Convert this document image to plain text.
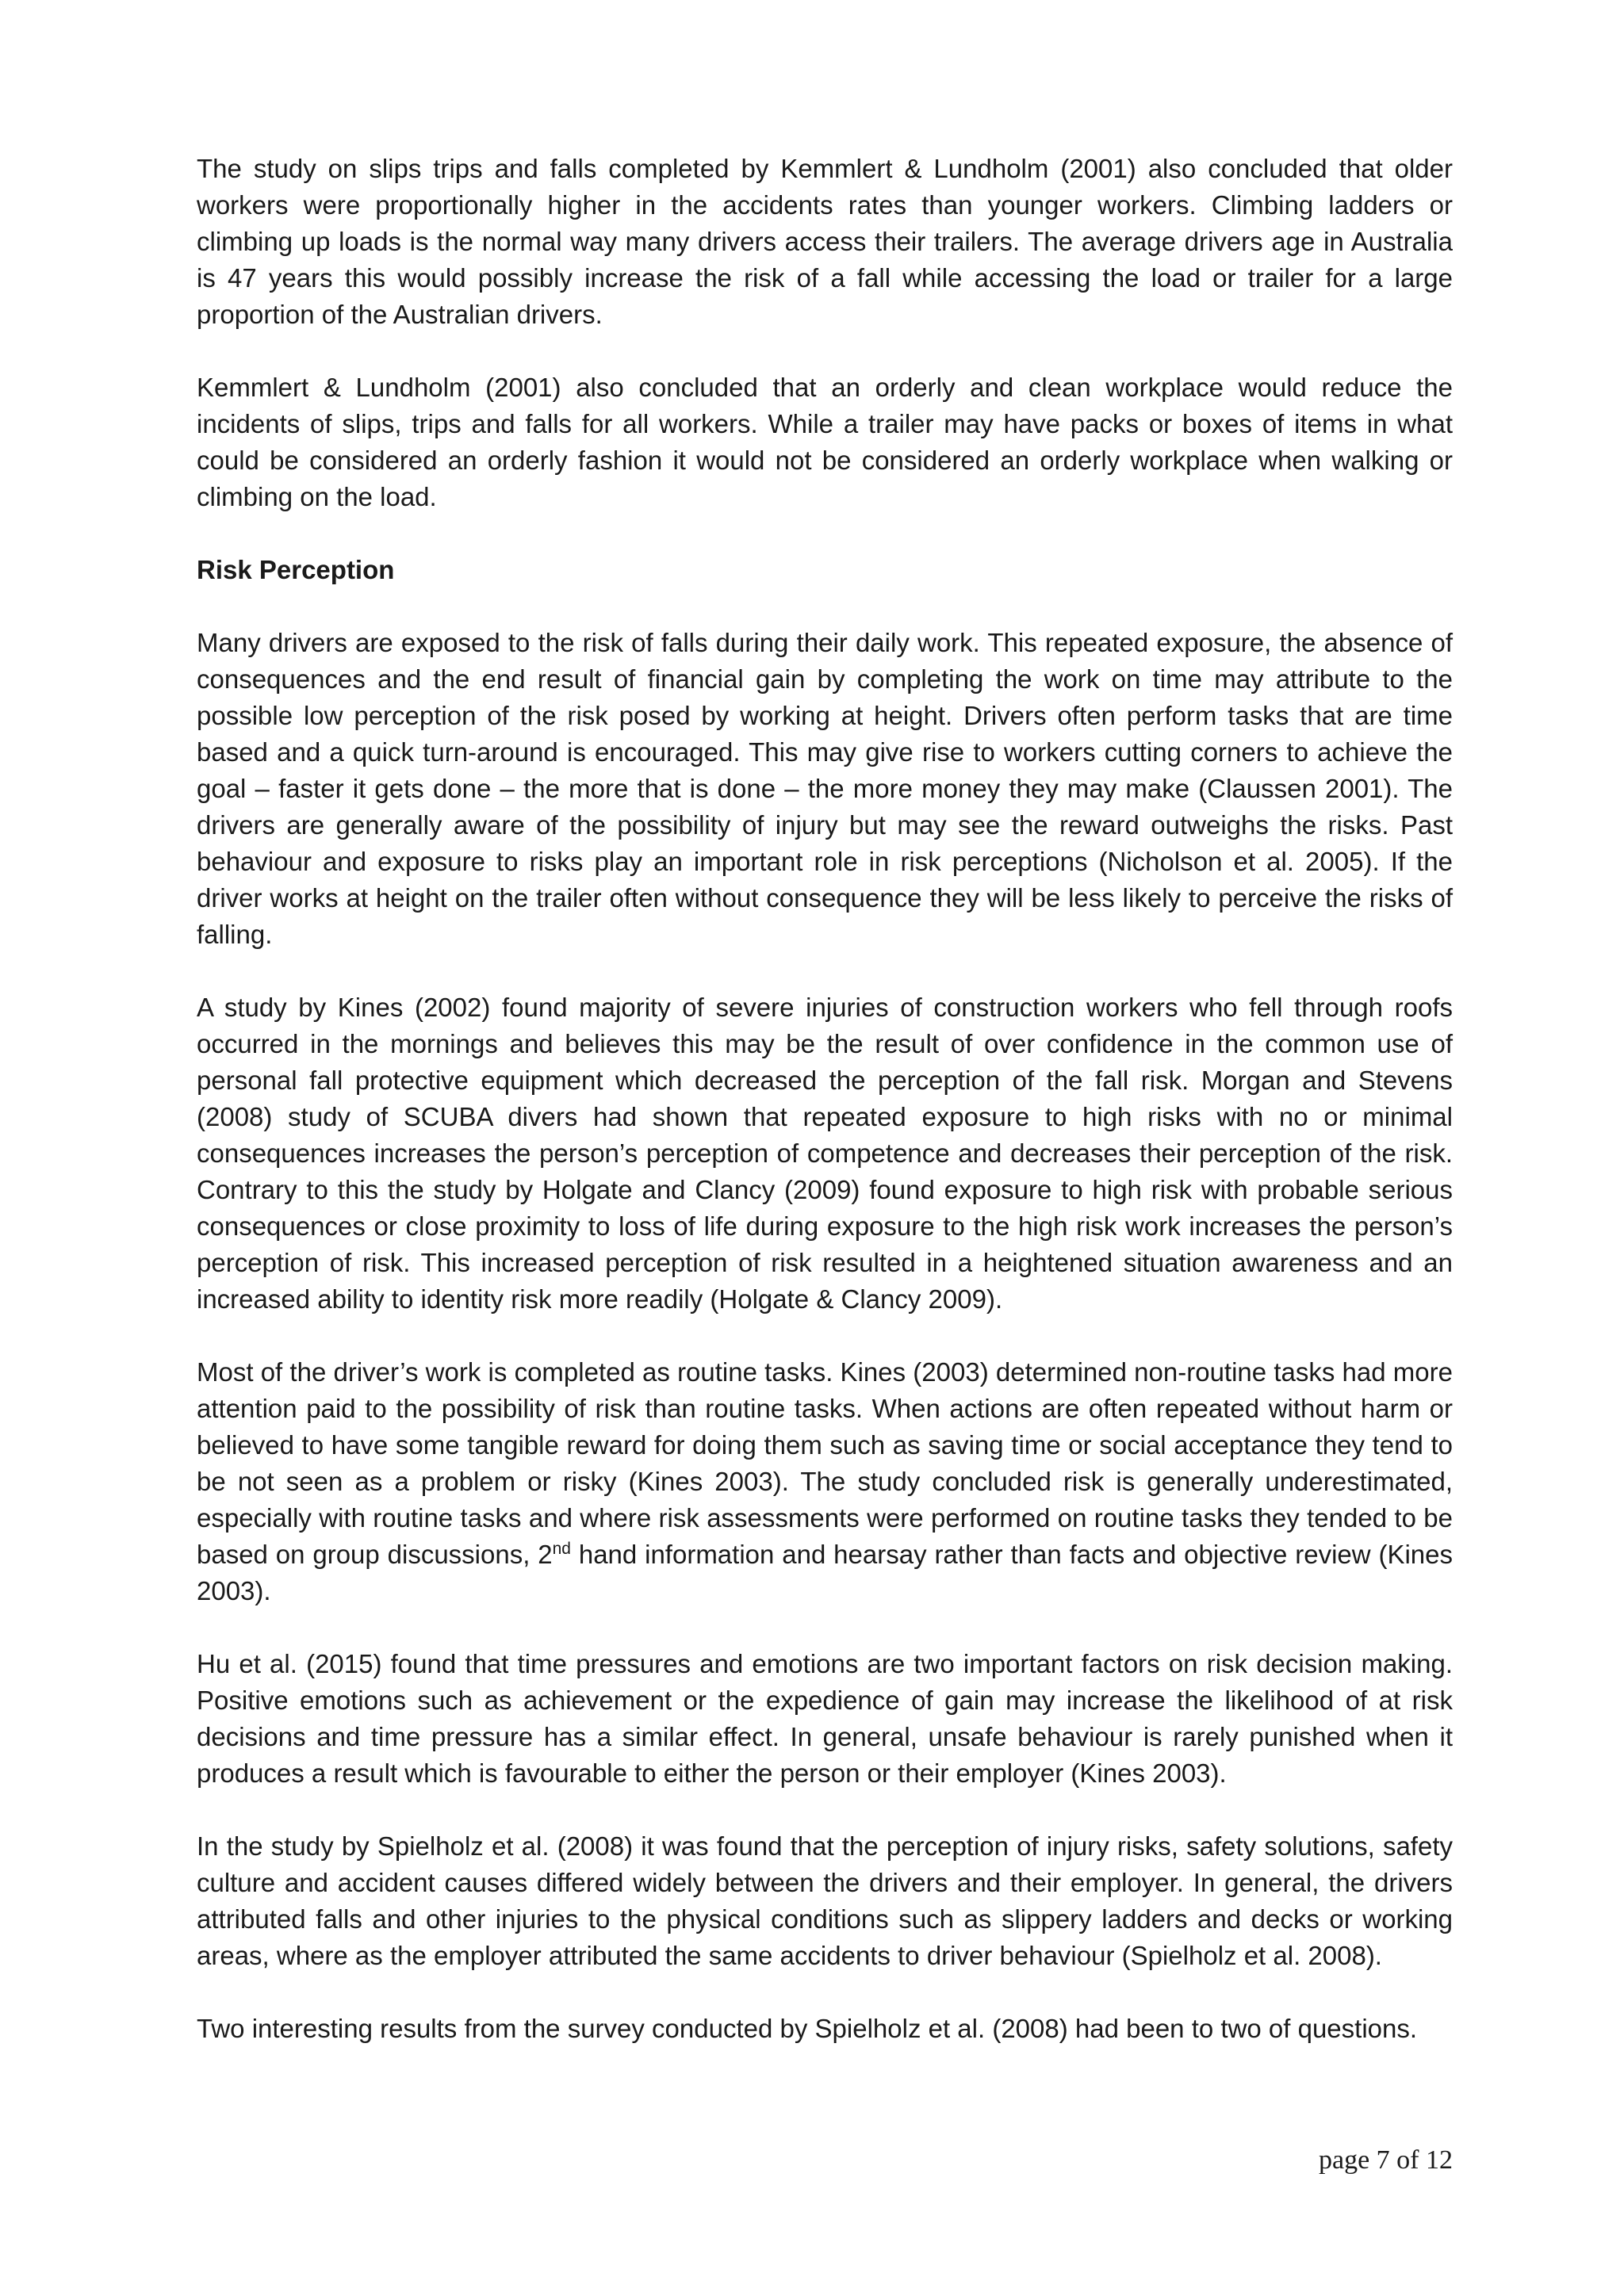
The study on slips trips and falls completed by Kemmlert & Lundholm (2001) also concluded that older workers were proportionally higher in the accidents rates than younger workers. Climbing ladders or climbing up loads is the normal way many drivers access their trailers. The average drivers age in Australia is 47 years this would possibly increase the risk of a fall while accessing the load or trailer for a large proportion of the Australian drivers.

Kemmlert & Lundholm (2001) also concluded that an orderly and clean workplace would reduce the incidents of slips, trips and falls for all workers. While a trailer may have packs or boxes of items in what could be considered an orderly fashion it would not be considered an orderly workplace when walking or climbing on the load.

Risk Perception

Many drivers are exposed to the risk of falls during their daily work. This repeated exposure, the absence of consequences and the end result of financial gain by completing the work on time may attribute to the possible low perception of the risk posed by working at height. Drivers often perform tasks that are time based and a quick turn-around is encouraged. This may give rise to workers cutting corners to achieve the goal – faster it gets done – the more that is done – the more money they may make (Claussen 2001). The drivers are generally aware of the possibility of injury but may see the reward outweighs the risks. Past behaviour and exposure to risks play an important role in risk perceptions (Nicholson et al. 2005). If the driver works at height on the trailer often without consequence they will be less likely to perceive the risks of falling.

A study by Kines (2002) found majority of severe injuries of construction workers who fell through roofs occurred in the mornings and believes this may be the result of over confidence in the common use of personal fall protective equipment which decreased the perception of the fall risk. Morgan and Stevens (2008) study of SCUBA divers had shown that repeated exposure to high risks with no or minimal consequences increases the person’s perception of competence and decreases their perception of the risk. Contrary to this the study by Holgate and Clancy (2009) found exposure to high risk with probable serious consequences or close proximity to loss of life during exposure to the high risk work increases the person’s perception of risk. This increased perception of risk resulted in a heightened situation awareness and an increased ability to identity risk more readily (Holgate & Clancy 2009).

Most of the driver’s work is completed as routine tasks. Kines (2003) determined non-routine tasks had more attention paid to the possibility of risk than routine tasks. When actions are often repeated without harm or believed to have some tangible reward for doing them such as saving time or social acceptance they tend to be not seen as a problem or risky (Kines 2003). The study concluded risk is generally underestimated, especially with routine tasks and where risk assessments were performed on routine tasks they tended to be based on group discussions, 2nd hand information and hearsay rather than facts and objective review (Kines 2003).

Hu et al. (2015) found that time pressures and emotions are two important factors on risk decision making. Positive emotions such as achievement or the expedience of gain may increase the likelihood of at risk decisions and time pressure has a similar effect. In general, unsafe behaviour is rarely punished when it produces a result which is favourable to either the person or their employer (Kines 2003).

In the study by Spielholz et al. (2008) it was found that the perception of injury risks, safety solutions, safety culture and accident causes differed widely between the drivers and their employer. In general, the drivers attributed falls and other injuries to the physical conditions such as slippery ladders and decks or working areas, where as the employer attributed the same accidents to driver behaviour (Spielholz et al. 2008).

Two interesting results from the survey conducted by Spielholz et al. (2008) had been to two of questions.

page 7 of 12
